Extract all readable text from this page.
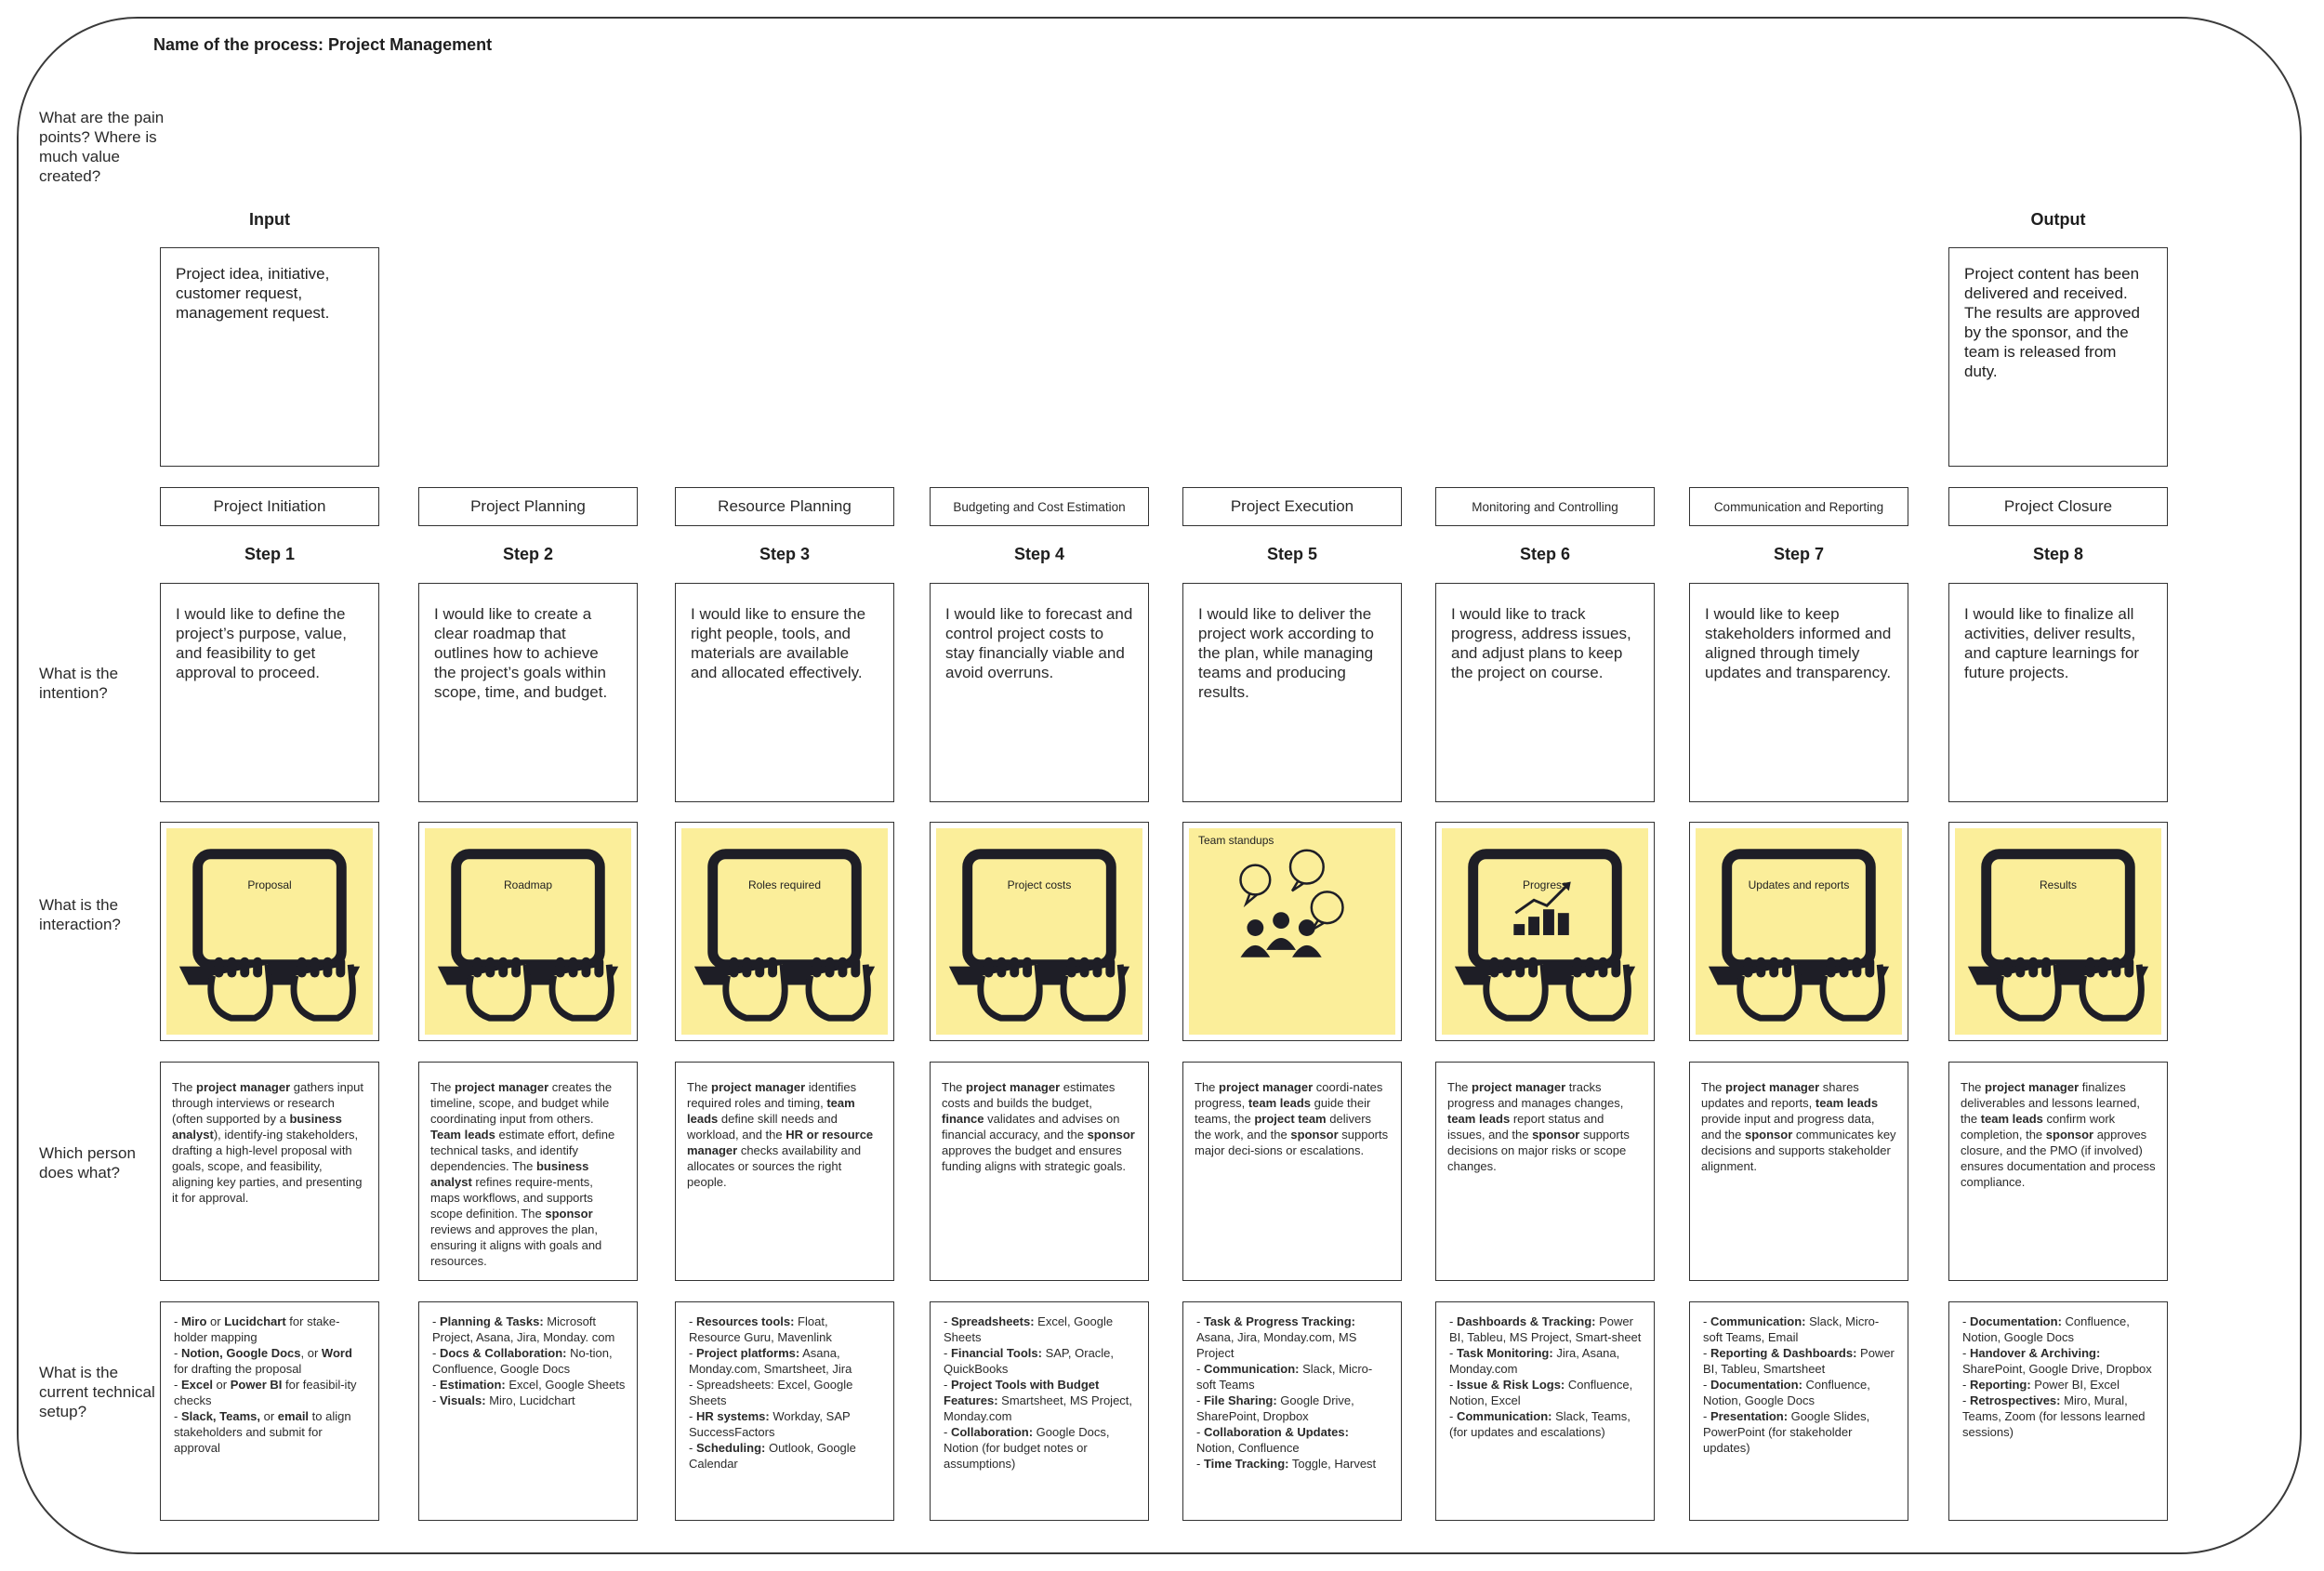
Name of the process: Project Management
What are the pain points? Where is much value created?
What is the intention?
What is the interaction?
Which person does what?
What is the current technical setup?
Input
Project idea, initiative, customer request, management request.
Output
Project content has been delivered and received. The results are approved by the sponsor, and the team is released from duty.
Project Initiation
Step 1
I would like to define the project’s purpose, value, and feasibility to get approval to proceed.
Proposal
The project manager gathers input through interviews or research (often supported by a business analyst), identify-ing stakeholders, drafting a high-level proposal with goals, scope, and feasibility, aligning key parties, and presenting it for approval.
- Miro or Lucidchart for stake-holder mapping
- Notion, Google Docs, or Word for drafting the proposal
- Excel or Power BI for feasibil-ity checks
- Slack, Teams, or email to align stakeholders and submit for approval
Project Planning
Step 2
I would like to create a clear roadmap that outlines how to achieve the project’s goals within scope, time, and budget.
Roadmap
The project manager creates the timeline, scope, and budget while coordinating input from others. Team leads estimate effort, define technical tasks, and identify dependencies. The business analyst refines require-ments, maps workflows, and supports scope definition. The sponsor reviews and approves the plan, ensuring it aligns with goals and resources.
- Planning & Tasks: Microsoft Project, Asana, Jira, Monday. com
- Docs & Collaboration: No-tion, Confluence, Google Docs
- Estimation: Excel, Google Sheets
- Visuals: Miro, Lucidchart
Resource Planning
Step 3
I would like to ensure the right people, tools, and materials are available and allocated effectively.
Roles required
The project manager identifies required roles and timing, team leads define skill needs and workload, and the HR or resource manager checks availability and allocates or sources the right people.
- Resources tools: Float, Resource Guru, Mavenlink
- Project platforms: Asana, Monday.com, Smartsheet, Jira
- Spreadsheets: Excel, Google Sheets
- HR systems: Workday, SAP SuccessFactors
- Scheduling: Outlook, Google Calendar
Budgeting and Cost Estimation
Step 4
I would like to forecast and control project costs to stay financially viable and avoid overruns.
Project costs
The project manager estimates costs and builds the budget, finance validates and advises on financial accuracy, and the sponsor approves the budget and ensures funding aligns with strategic goals.
- Spreadsheets: Excel, Google Sheets
- Financial Tools: SAP, Oracle, QuickBooks
- Project Tools with Budget Features: Smartsheet, MS Project, Monday.com
- Collaboration: Google Docs, Notion (for budget notes or assumptions)
Project Execution
Step 5
I would like to deliver the project work according to the plan, while managing teams and producing results.
Team standups
The project manager coordi-nates progress, team leads guide their teams, the project team delivers the work, and the sponsor supports major deci-sions or escalations.
- Task & Progress Tracking: Asana, Jira, Monday.com, MS Project
- Communication: Slack, Micro-soft Teams
- File Sharing: Google Drive, SharePoint, Dropbox
- Collaboration & Updates: Notion, Confluence
- Time Tracking: Toggle, Harvest
Monitoring and Controlling
Step 6
I would like to track progress, address issues, and adjust plans to keep the project on course.
Progress
The project manager tracks progress and manages changes, team leads report status and issues, and the sponsor supports decisions on major risks or scope changes.
- Dashboards & Tracking: Power BI, Tableu, MS Project, Smart-sheet
- Task Monitoring: Jira, Asana, Monday.com
- Issue & Risk Logs: Confluence, Notion, Excel
- Communication: Slack, Teams, (for updates and escalations)
Communication and Reporting
Step 7
I would like to keep stakeholders informed and aligned through timely updates and transparency.
Updates and reports
The project manager shares updates and reports, team leads provide input and progress data, and the sponsor communicates key decisions and supports stakeholder alignment.
- Communication: Slack, Micro-soft Teams, Email
- Reporting & Dashboards: Power BI, Tableu, Smartsheet
- Documentation: Confluence, Notion, Google Docs
- Presentation: Google Slides, PowerPoint (for stakeholder updates)
Project Closure
Step 8
I would like to finalize all activities, deliver results, and capture learnings for future projects.
Results
The project manager finalizes deliverables and lessons learned, the team leads confirm work completion, the sponsor approves closure, and the PMO (if involved) ensures documentation and process compliance.
- Documentation: Confluence, Notion, Google Docs
- Handover & Archiving: SharePoint, Google Drive, Dropbox
- Reporting: Power BI, Excel
- Retrospectives: Miro, Mural, Teams, Zoom (for lessons learned sessions)
